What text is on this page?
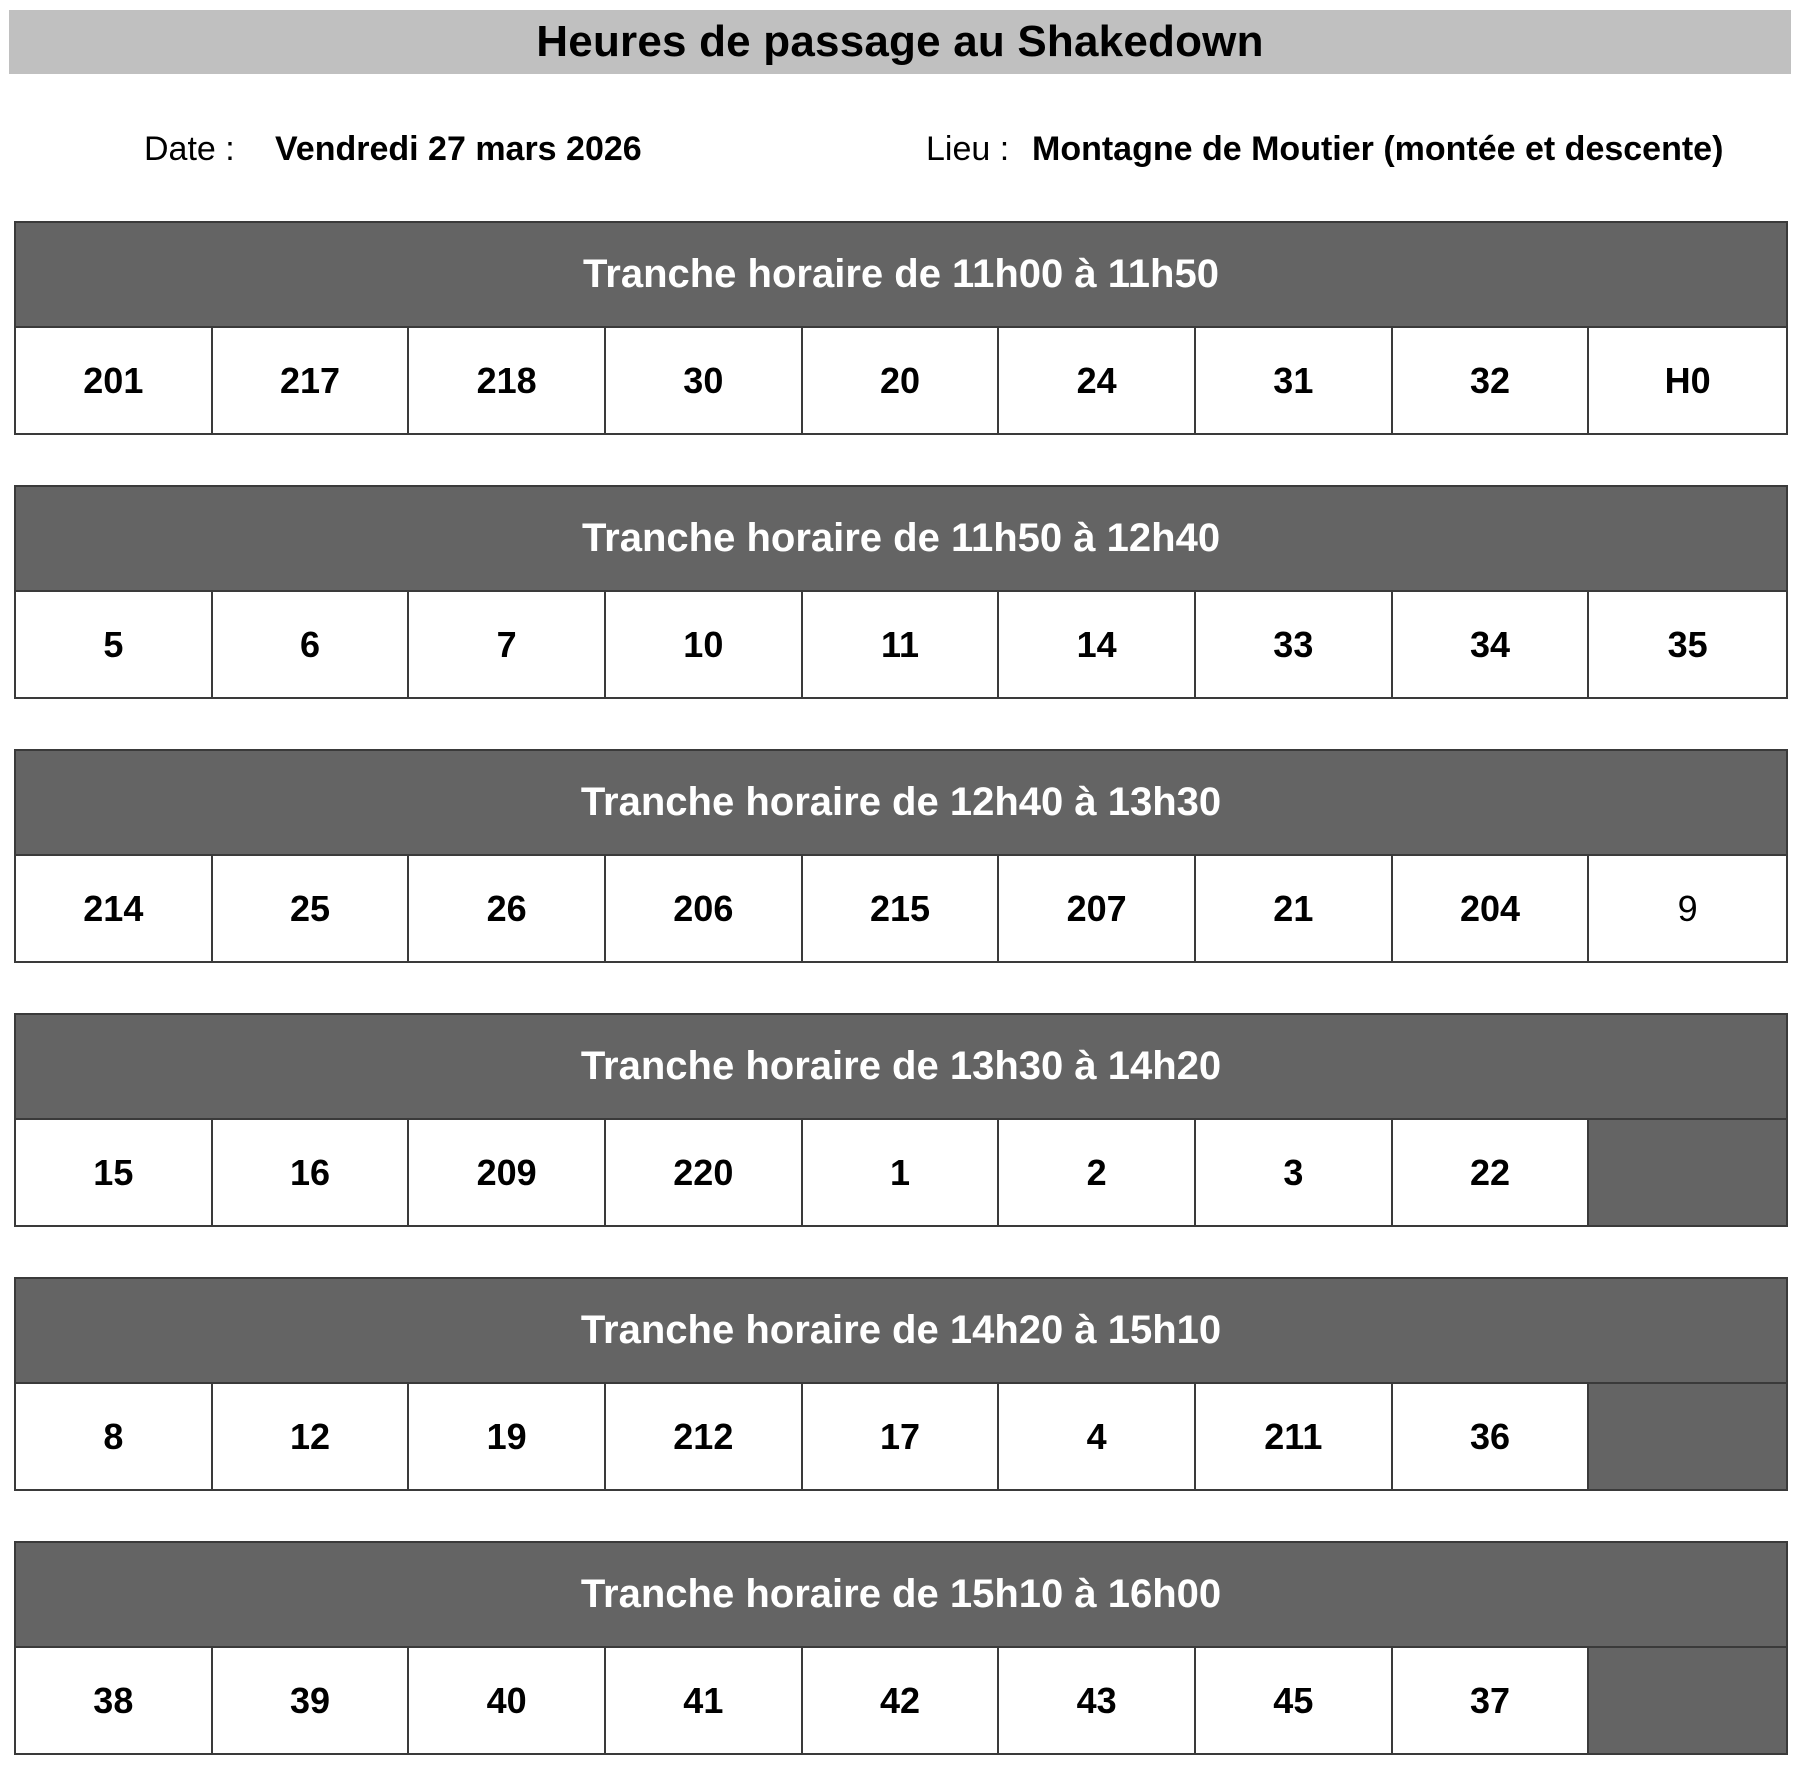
Heures de passage au Shakedown
Date : Vendredi 27 mars 2026	Lieu : Montagne de Moutier (montée et descente)
Tranche horaire de 11h00 à 11h50
201	217	218	30	20	24	31	32	H0
Tranche horaire de 11h50 à 12h40
5	6	7	10	11	14	33	34	35
Tranche horaire de 12h40 à 13h30
214	25	26	206	215	207	21	204	9
Tranche horaire de 13h30 à 14h20
15	16	209	220	1	2	3	22
Tranche horaire de 14h20 à 15h10
8	12	19	212	17	4	211	36
Tranche horaire de 15h10 à 16h00
38	39	40	41	42	43	45	37
